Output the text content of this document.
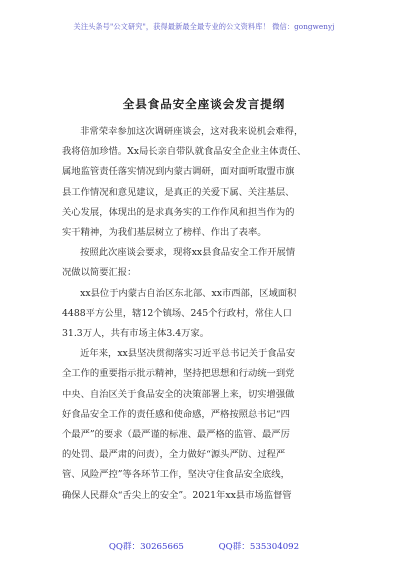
关注头条号"公文研究"，获得最新最全最专业的公文资料库！ 微信：gongwenyj
全县食品安全座谈会发言提纲

非常荣幸参加这次调研座谈会，这对我来说机会难得，
我将倍加珍惜。Xx局长亲自带队就食品安全企业主体责任、
属地监管责任落实情况到内蒙古调研，面对面听取盟市旗
县工作情况和意见建议，是真正的关爱下属、关注基层、
关心发展，体现出的是求真务实的工作作风和担当作为的
实干精神，为我们基层树立了榜样、作出了表率。

按照此次座谈会要求，现将xx县食品安全工作开展情
况做以简要汇报：

xx县位于内蒙古自治区东北部、xx市西部，区域面积
4488平方公里，辖12个镇场、245个行政村，常住人口
31.3万人，共有市场主体3.4万家。

近年来，xx县坚决贯彻落实习近平总书记关于食品安
全工作的重要指示批示精神，坚持把思想和行动统一到党
中央、自治区关于食品安全的决策部署上来，切实增强做
好食品安全工作的责任感和使命感，严格按照总书记“四
个最严”的要求（最严谨的标准、最严格的监管、最严厉
的处罚、最严肃的问责），全力做好“源头严防、过程严
管、风险严控”等各环节工作，坚决守住食品安全底线，
确保人民群众“舌尖上的安全”。2021年xx县市场监督管

QQ群：30265665	QQ群：535304092
